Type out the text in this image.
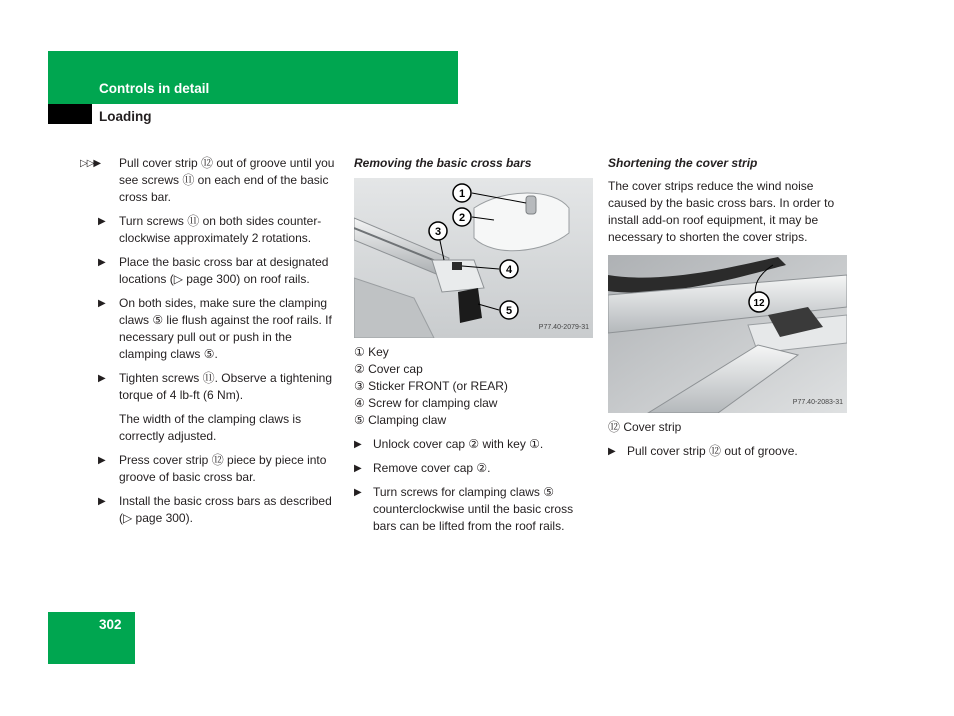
Controls in detail
Loading
▷▷▶ Pull cover strip ⑫ out of groove until you see screws ⑪ on each end of the basic cross bar.
▶ Turn screws ⑪ on both sides counter-clockwise approximately 2 rotations.
▶ Place the basic cross bar at designated locations (▷ page 300) on roof rails.
▶ On both sides, make sure the clamping claws ⑤ lie flush against the roof rails. If necessary pull out or push in the clamping claws ⑤.
▶ Tighten screws ⑪. Observe a tightening torque of 4 lb-ft (6 Nm).
The width of the clamping claws is correctly adjusted.
▶ Press cover strip ⑫ piece by piece into groove of basic cross bar.
▶ Install the basic cross bars as described (▷ page 300).
Removing the basic cross bars
1
2
3
4
5
P77.40-2079-31
① Key
② Cover cap
③ Sticker FRONT (or REAR)
④ Screw for clamping claw
⑤ Clamping claw
▶ Unlock cover cap ② with key ①.
▶ Remove cover cap ②.
▶ Turn screws for clamping claws ⑤ counterclockwise until the basic cross bars can be lifted from the roof rails.
Shortening the cover strip
The cover strips reduce the wind noise caused by the basic cross bars. In order to install add-on roof equipment, it may be necessary to shorten the cover strips.
12
P77.40-2083-31
⑫ Cover strip
▶ Pull cover strip ⑫ out of groove.
302
